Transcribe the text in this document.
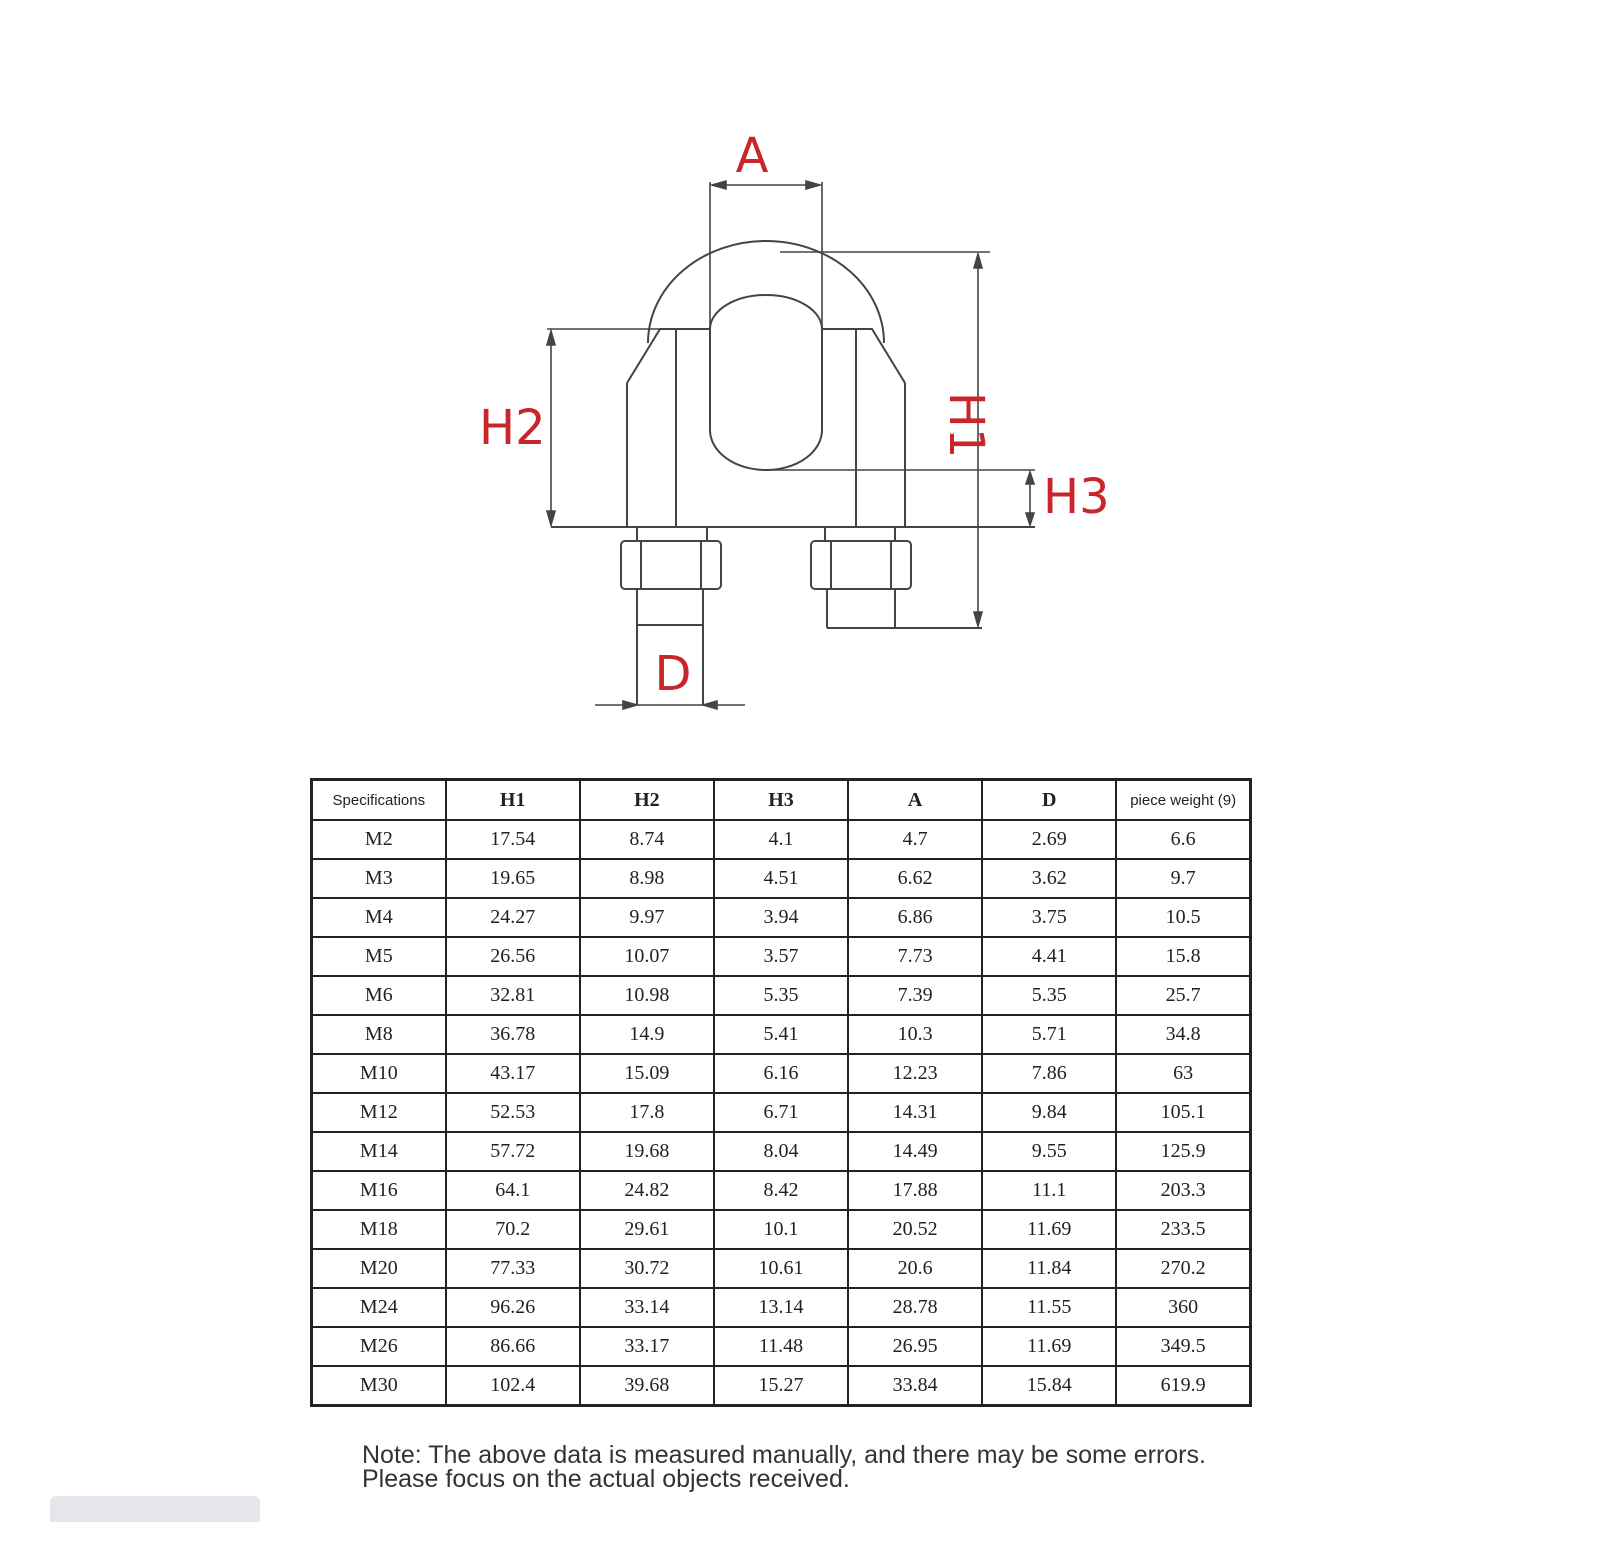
A
H2
H3
D
H1
Specifications	H1	H2	H3	A	D	piece weight (9)
M2	17.54	8.74	4.1	4.7	2.69	6.6
M3	19.65	8.98	4.51	6.62	3.62	9.7
M4	24.27	9.97	3.94	6.86	3.75	10.5
M5	26.56	10.07	3.57	7.73	4.41	15.8
M6	32.81	10.98	5.35	7.39	5.35	25.7
M8	36.78	14.9	5.41	10.3	5.71	34.8
M10	43.17	15.09	6.16	12.23	7.86	63
M12	52.53	17.8	6.71	14.31	9.84	105.1
M14	57.72	19.68	8.04	14.49	9.55	125.9
M16	64.1	24.82	8.42	17.88	11.1	203.3
M18	70.2	29.61	10.1	20.52	11.69	233.5
M20	77.33	30.72	10.61	20.6	11.84	270.2
M24	96.26	33.14	13.14	28.78	11.55	360
M26	86.66	33.17	11.48	26.95	11.69	349.5
M30	102.4	39.68	15.27	33.84	15.84	619.9
Note: The above data is measured manually, and there may be some errors.
Please focus on the actual objects received.
